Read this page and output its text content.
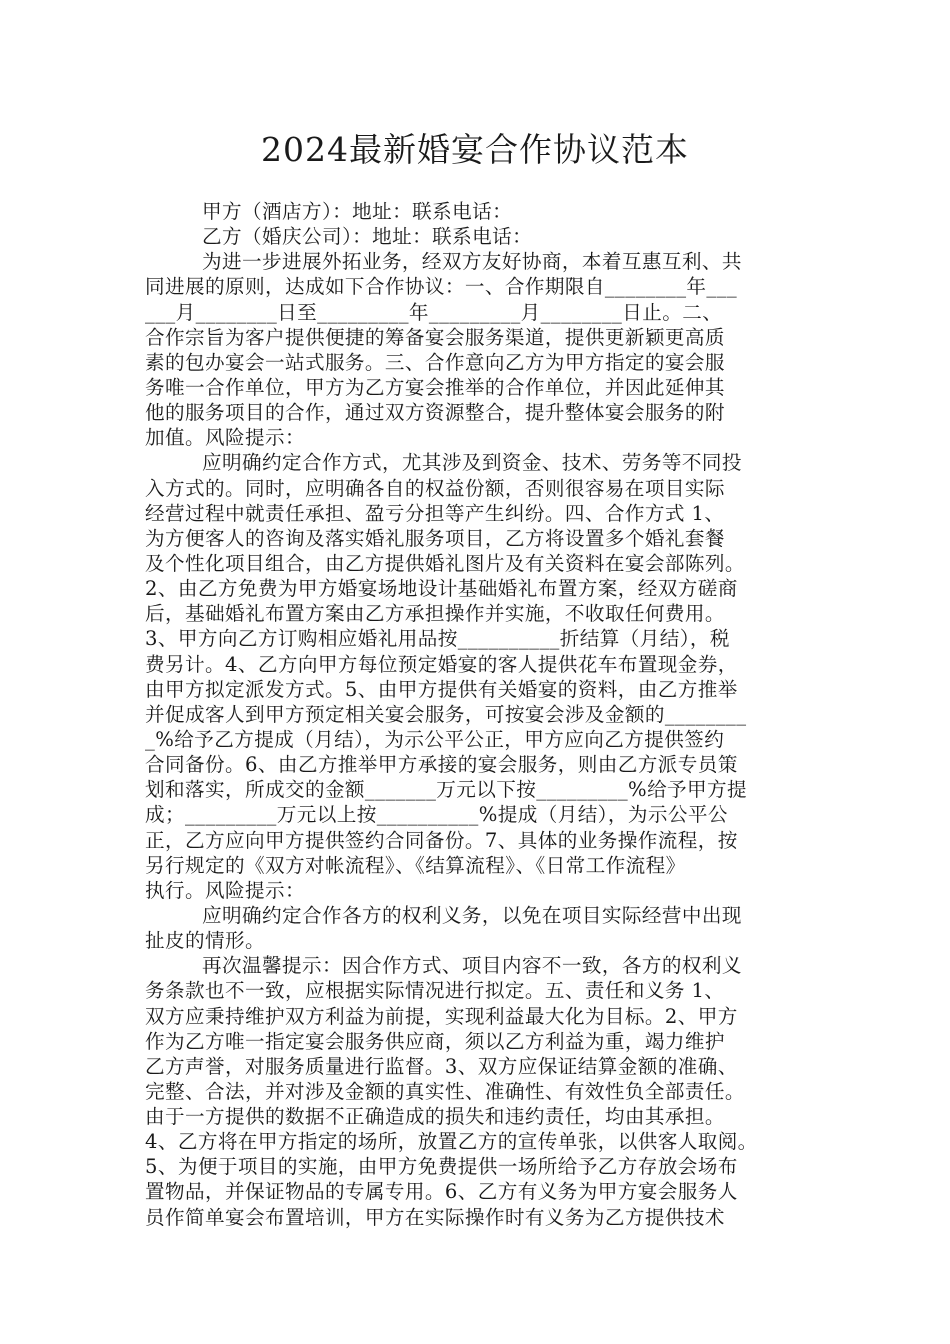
2024最新婚宴合作协议范本
甲方（酒店方）：地址：联系电话：
乙方（婚庆公司）：地址：联系电话：
为进一步进展外拓业务，经双方友好协商，本着互惠互利、共
同进展的原则，达成如下合作协议：一、合作期限自________年___
___月________日至_________年_________月________日止。二、
合作宗旨为客户提供便捷的筹备宴会服务渠道，提供更新颖更高质
素的包办宴会一站式服务。三、合作意向乙方为甲方指定的宴会服
务唯一合作单位，甲方为乙方宴会推举的合作单位，并因此延伸其
他的服务项目的合作，通过双方资源整合，提升整体宴会服务的附
加值。风险提示：
应明确约定合作方式，尤其涉及到资金、技术、劳务等不同投
入方式的。同时，应明确各自的权益份额，否则很容易在项目实际
经营过程中就责任承担、盈亏分担等产生纠纷。四、合作方式 1、
为方便客人的咨询及落实婚礼服务项目，乙方将设置多个婚礼套餐
及个性化项目组合，由乙方提供婚礼图片及有关资料在宴会部陈列。
2、由乙方免费为甲方婚宴场地设计基础婚礼布置方案，经双方磋商
后，基础婚礼布置方案由乙方承担操作并实施，不收取任何费用。
3、甲方向乙方订购相应婚礼用品按__________折结算（月结），税
费另计。4、乙方向甲方每位预定婚宴的客人提供花车布置现金券，
由甲方拟定派发方式。5、由甲方提供有关婚宴的资料，由乙方推举
并促成客人到甲方预定相关宴会服务，可按宴会涉及金额的________
_%给予乙方提成（月结），为示公平公正，甲方应向乙方提供签约
合同备份。6、由乙方推举甲方承接的宴会服务，则由乙方派专员策
划和落实，所成交的金额_______万元以下按_________%给予甲方提
成；_________万元以上按__________%提成（月结），为示公平公
正，乙方应向甲方提供签约合同备份。7、具体的业务操作流程，按
另行规定的《双方对帐流程》、《结算流程》、《日常工作流程》
执行。风险提示：
应明确约定合作各方的权利义务，以免在项目实际经营中出现
扯皮的情形。
再次温馨提示：因合作方式、项目内容不一致，各方的权利义
务条款也不一致，应根据实际情况进行拟定。五、责任和义务 1、
双方应秉持维护双方利益为前提，实现利益最大化为目标。2、甲方
作为乙方唯一指定宴会服务供应商，须以乙方利益为重，竭力维护
乙方声誉，对服务质量进行监督。3、双方应保证结算金额的准确、
完整、合法，并对涉及金额的真实性、准确性、有效性负全部责任。
由于一方提供的数据不正确造成的损失和违约责任，均由其承担。
4、乙方将在甲方指定的场所，放置乙方的宣传单张，以供客人取阅。
5、为便于项目的实施，由甲方免费提供一场所给予乙方存放会场布
置物品，并保证物品的专属专用。6、乙方有义务为甲方宴会服务人
员作简单宴会布置培训，甲方在实际操作时有义务为乙方提供技术
